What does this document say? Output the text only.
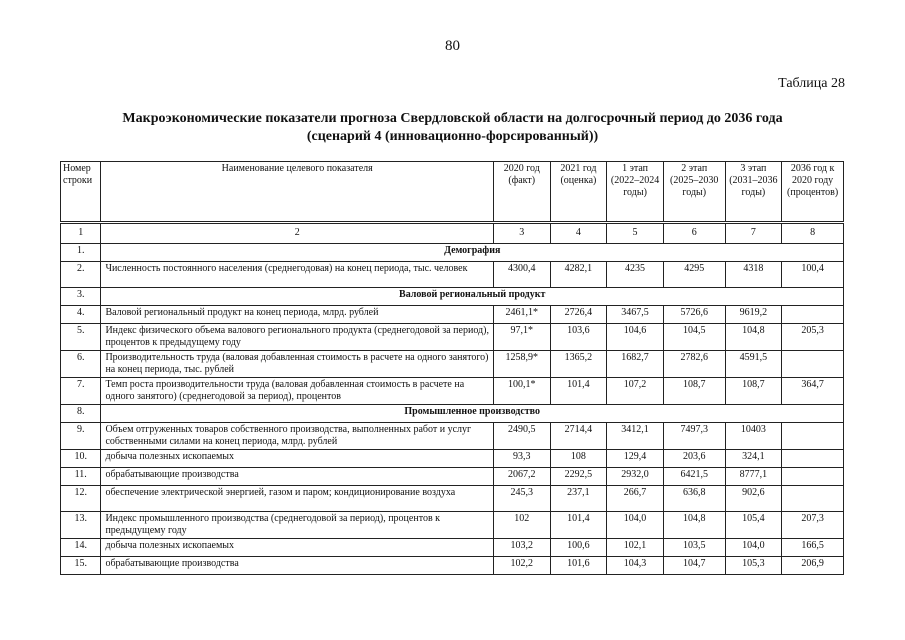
80
Таблица 28
Макроэкономические показатели прогноза Свердловской области на долгосрочный период до 2036 года
(сценарий 4 (инновационно-форсированный))
Номер строки	Наименование целевого показателя	2020 год (факт)	2021 год (оценка)	1 этап (2022–2024 годы)	2 этап (2025–2030 годы)	3 этап (2031–2036 годы)	2036 год к 2020 году (процентов)
1	2	3	4	5	6	7	8
1.	Демография						
2.	Численность постоянного населения (среднегодовая) на конец периода, тыс. человек	4300,4	4282,1	4235	4295	4318	100,4
3.	Валовой региональный продукт						
4.	Валовой региональный продукт на конец периода, млрд. рублей	2461,1*	2726,4	3467,5	5726,6	9619,2	
5.	Индекс физического объема валового регионального продукта (среднегодовой за период), процентов к предыдущему году	97,1*	103,6	104,6	104,5	104,8	205,3
6.	Производительность труда (валовая добавленная стоимость в расчете на одного занятого) на конец периода, тыс. рублей	1258,9*	1365,2	1682,7	2782,6	4591,5	
7.	Темп роста производительности труда (валовая добавленная стоимость в расчете на одного занятого) (среднегодовой за период), процентов	100,1*	101,4	107,2	108,7	108,7	364,7
8.	Промышленное производство						
9.	Объем отгруженных товаров собственного производства, выполненных работ и услуг собственными силами на конец периода, млрд. рублей	2490,5	2714,4	3412,1	7497,3	10403	
10.	добыча полезных ископаемых	93,3	108	129,4	203,6	324,1	
11.	обрабатывающие производства	2067,2	2292,5	2932,0	6421,5	8777,1	
12.	обеспечение электрической энергией, газом и паром; кондиционирование воздуха	245,3	237,1	266,7	636,8	902,6	
13.	Индекс промышленного производства (среднегодовой за период), процентов к предыдущему году	102	101,4	104,0	104,8	105,4	207,3
14.	добыча полезных ископаемых	103,2	100,6	102,1	103,5	104,0	166,5
15.	обрабатывающие производства	102,2	101,6	104,3	104,7	105,3	206,9
